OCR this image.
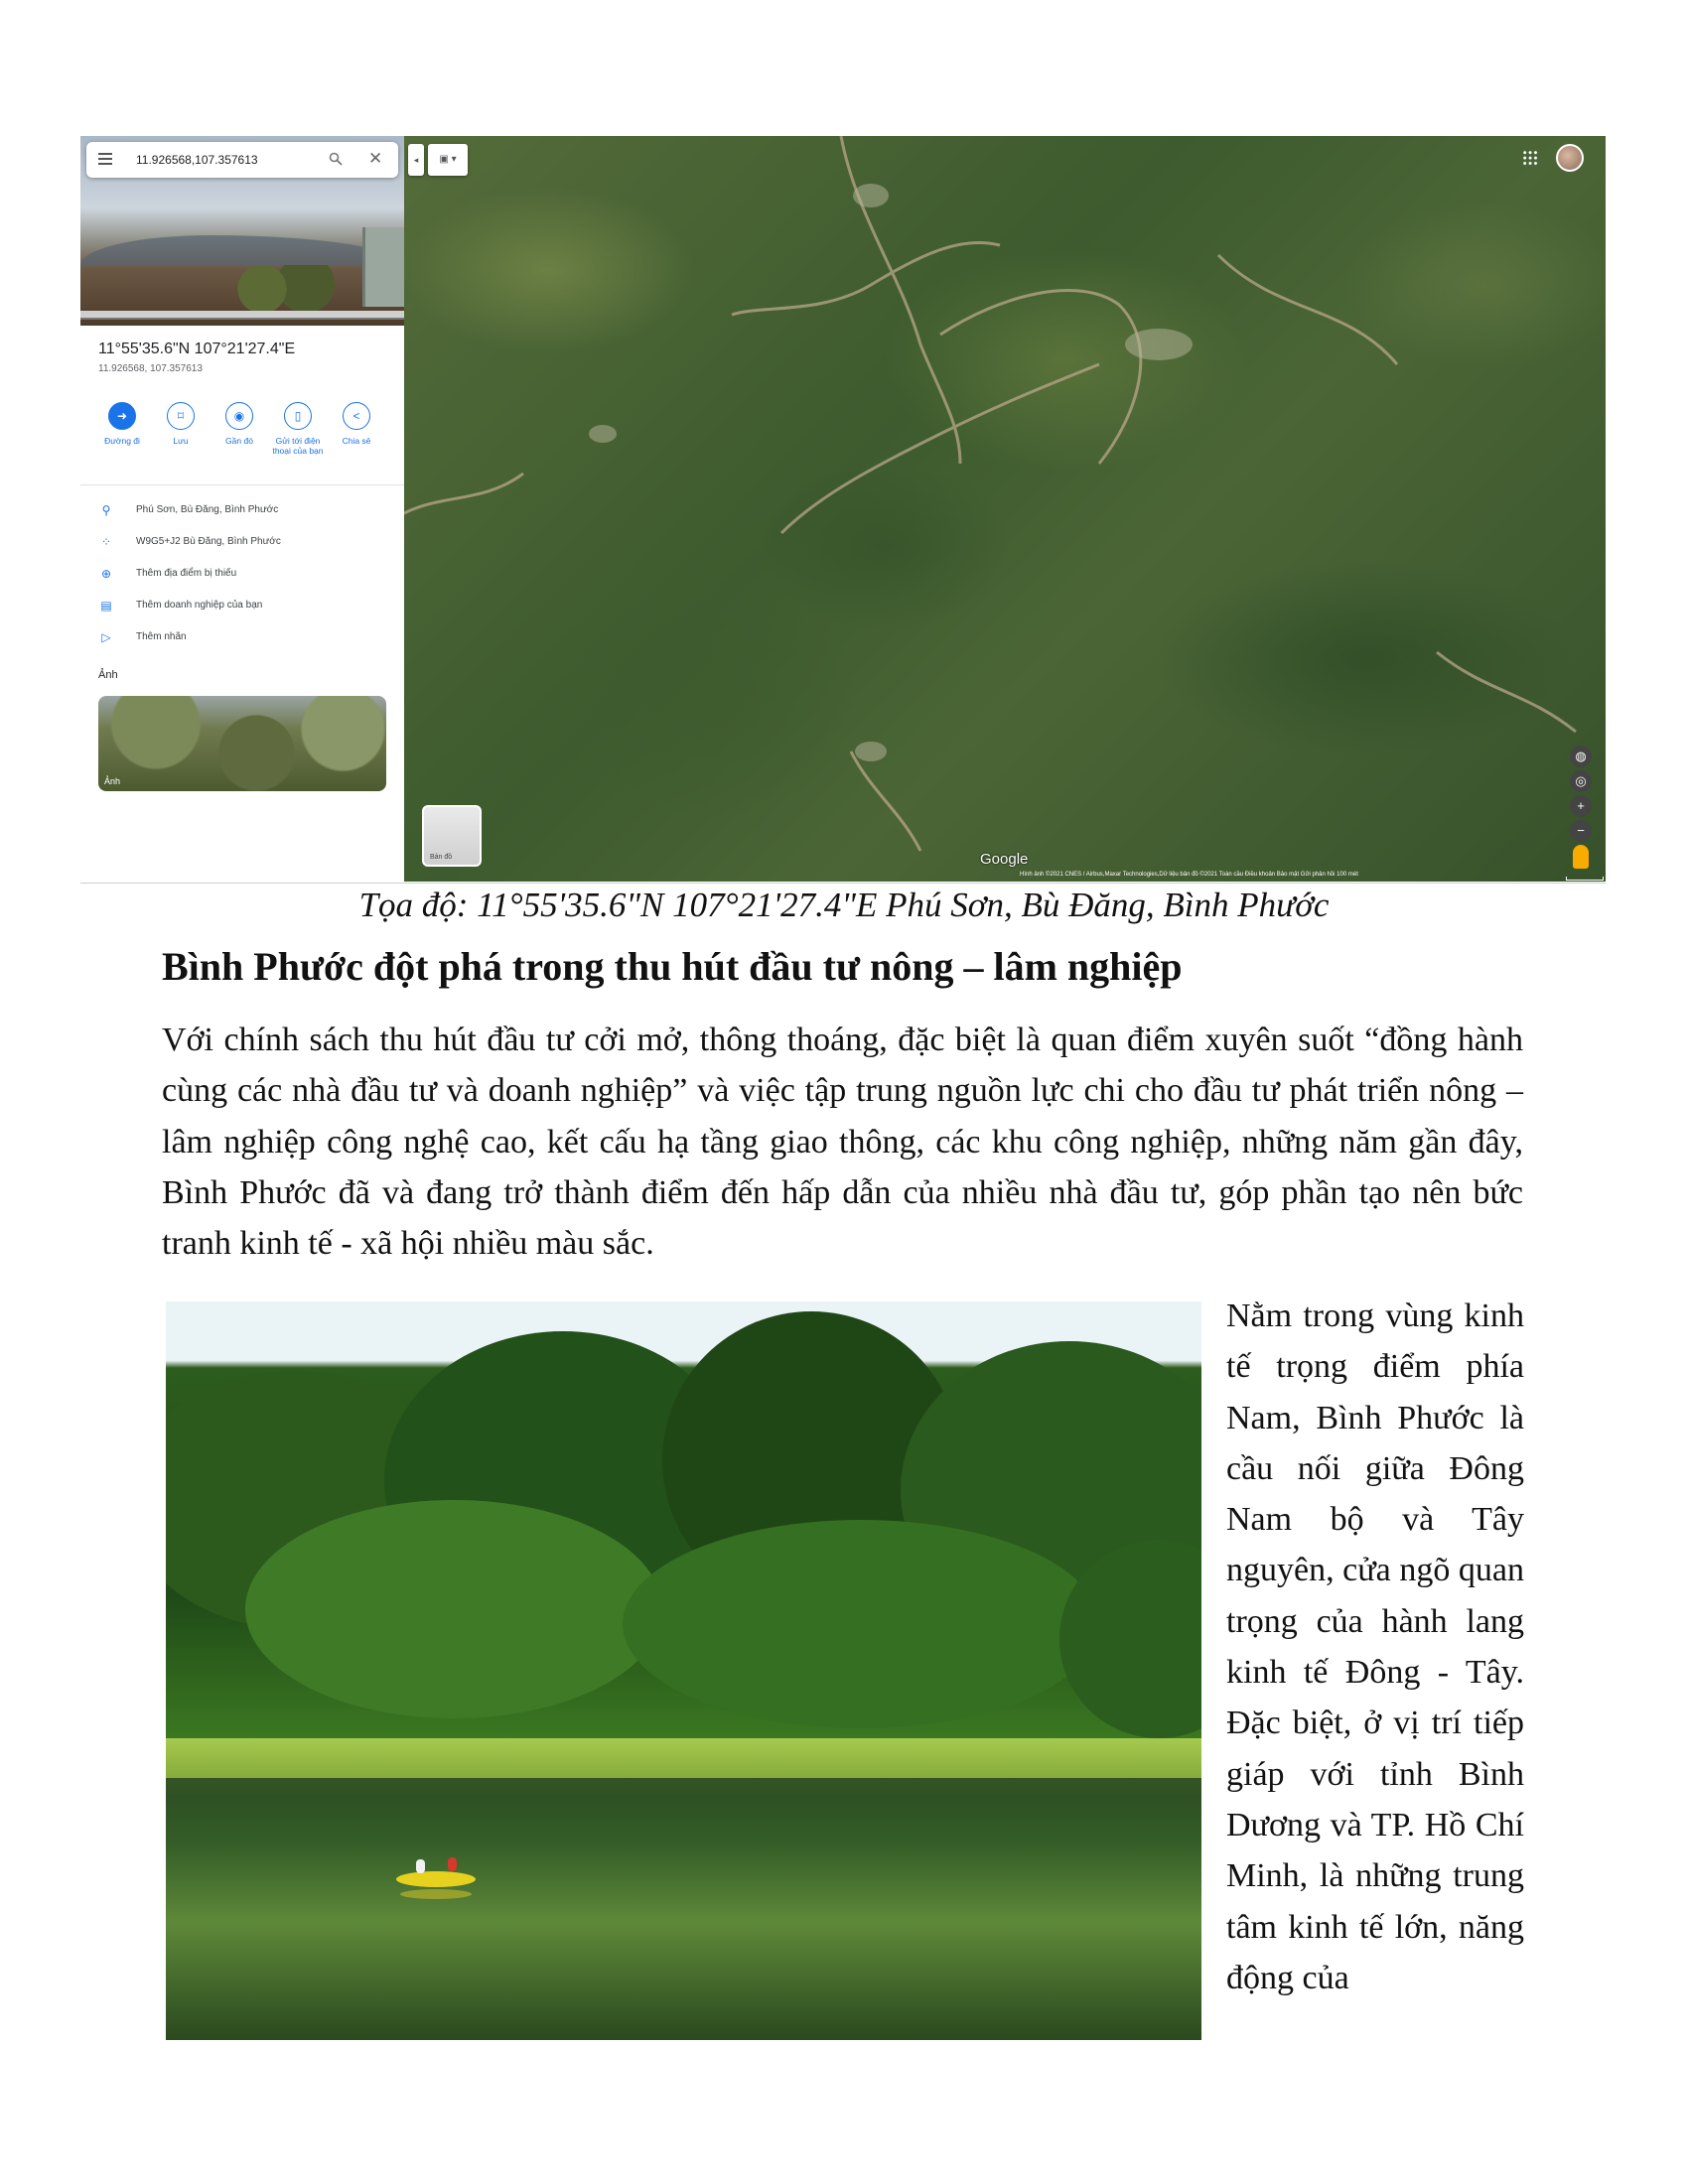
11.926568,107.357613	✕
11°55'35.6"N 107°21'27.4"E
11.926568, 107.357613
➜
Đường đi
⌑
Lưu
◉
Gần đó
▯
Gửi tới điện thoại của bạn
<
Chia sẻ
⚲	Phú Sơn, Bù Đăng, Bình Phước
⁘ W9G5+J2 Bù Đăng, Bình Phước
⊕ Thêm địa điểm bị thiếu
▤ Thêm doanh nghiệp của bạn
▷	Thêm nhãn
Ảnh
Ảnh
◂	▣ ▾
◍
◎
+
−
Bản đồ	Google
Hình ảnh ©2021 CNES / Airbus,Maxar Technologies,Dữ liệu bản đồ ©2021 Toàn cầu Điều khoản Bảo mật Gửi phản hồi 100 mét
Tọa độ: 11°55'35.6"N 107°21'27.4"E Phú Sơn, Bù Đăng, Bình Phước
Bình Phước đột phá trong thu hút đầu tư nông – lâm nghiệp
Với chính sách thu hút đầu tư cởi mở, thông thoáng, đặc biệt là quan điểm xuyên suốt “đồng hành cùng các nhà đầu tư và doanh nghiệp” và việc tập trung nguồn lực chi cho đầu tư phát triển nông – lâm nghiệp công nghệ cao, kết cấu hạ tầng giao thông, các khu công nghiệp, những năm gần đây, Bình Phước đã và đang trở thành điểm đến hấp dẫn của nhiều nhà đầu tư, góp phần tạo nên bức tranh kinh tế - xã hội nhiều màu sắc.
Nằm trong vùng kinh tế trọng điểm phía Nam, Bình Phước là cầu nối giữa Đông Nam bộ và Tây nguyên, cửa ngõ quan trọng của hành lang kinh tế Đông - Tây. Đặc biệt, ở vị trí tiếp giáp với tỉnh Bình Dương và TP. Hồ Chí Minh, là những trung tâm kinh tế lớn, năng động của
